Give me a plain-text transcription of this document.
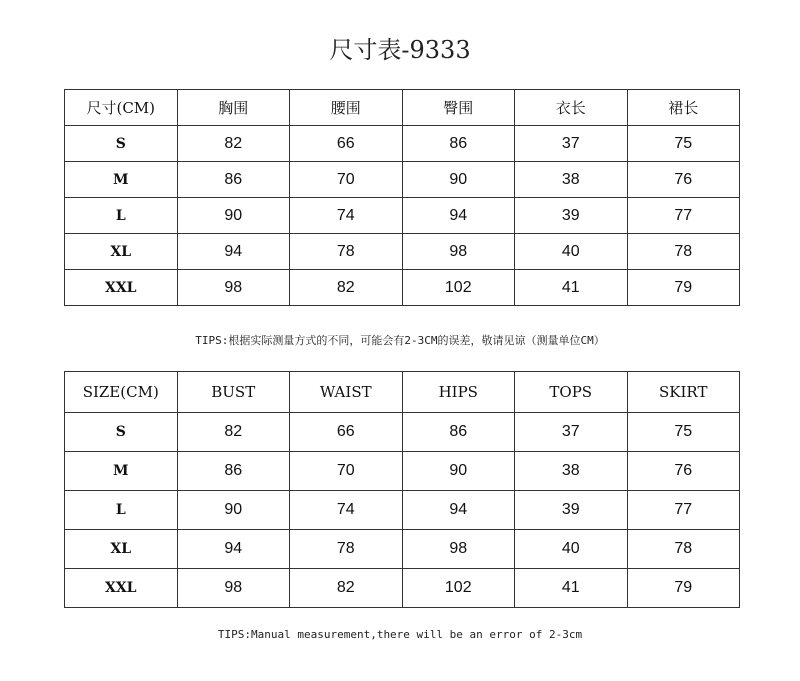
尺寸表-9333
尺寸(CM)	胸围	腰围	臀围	衣长	裙长
S	82	66	86	37	75
M	86	70	90	38	76
L	90	74	94	39	77
XL	94	78	98	40	78
XXL	98	82	102	41	79
TIPS:根据实际测量方式的不同，可能会有2-3CM的误差，敬请见谅（测量单位CM）
SIZE(CM)	BUST	WAIST	HIPS	TOPS	SKIRT
S	82	66	86	37	75
M	86	70	90	38	76
L	90	74	94	39	77
XL	94	78	98	40	78
XXL	98	82	102	41	79
TIPS:Manual measurement,there will be an error of 2-3cm
